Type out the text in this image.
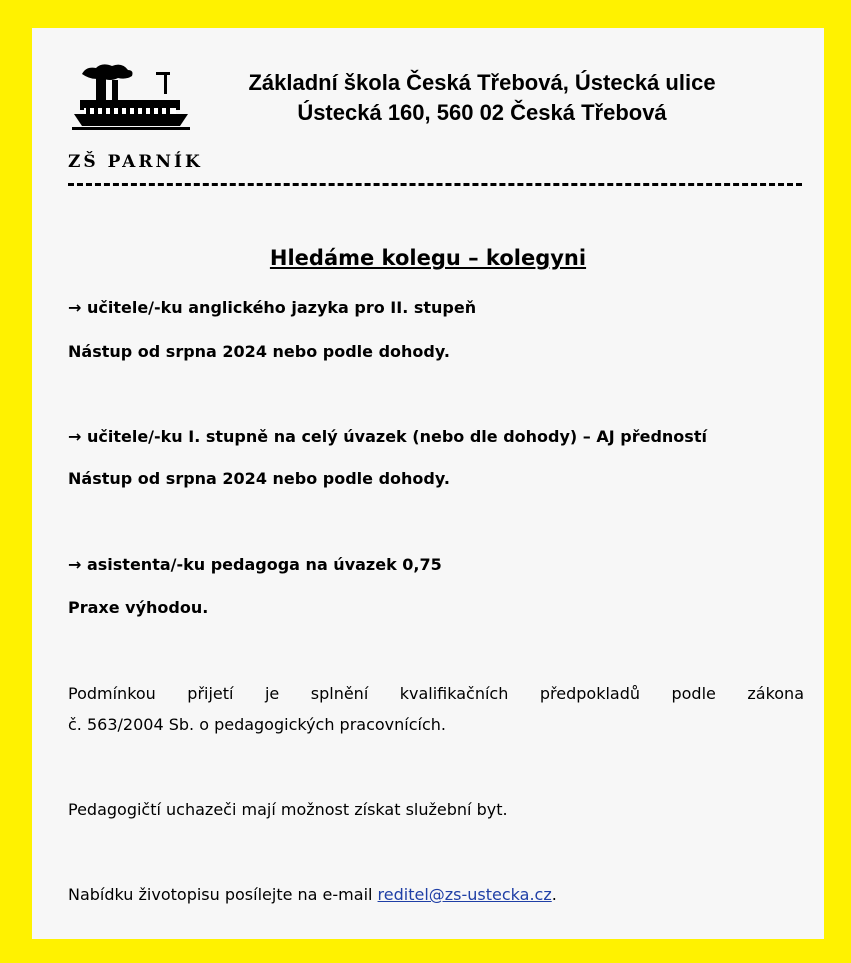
ZŠ PARNÍK
Základní škola Česká Třebová, Ústecká ulice
Ústecká 160, 560 02 Česká Třebová
Hledáme kolegu – kolegyni
→ učitele/-ku anglického jazyka pro II. stupeň
Nástup od srpna 2024 nebo podle dohody.
→ učitele/-ku I. stupně na celý úvazek (nebo dle dohody) – AJ předností
Nástup od srpna 2024 nebo podle dohody.
→ asistenta/-ku pedagoga na úvazek 0,75
Praxe výhodou.
Podmínkou přijetí je splnění kvalifikačních předpokladů podle zákona
č. 563/2004 Sb. o pedagogických pracovnících.
Pedagogičtí uchazeči mají možnost získat služební byt.
Nabídku životopisu posílejte na e-mail reditel@zs-ustecka.cz.
